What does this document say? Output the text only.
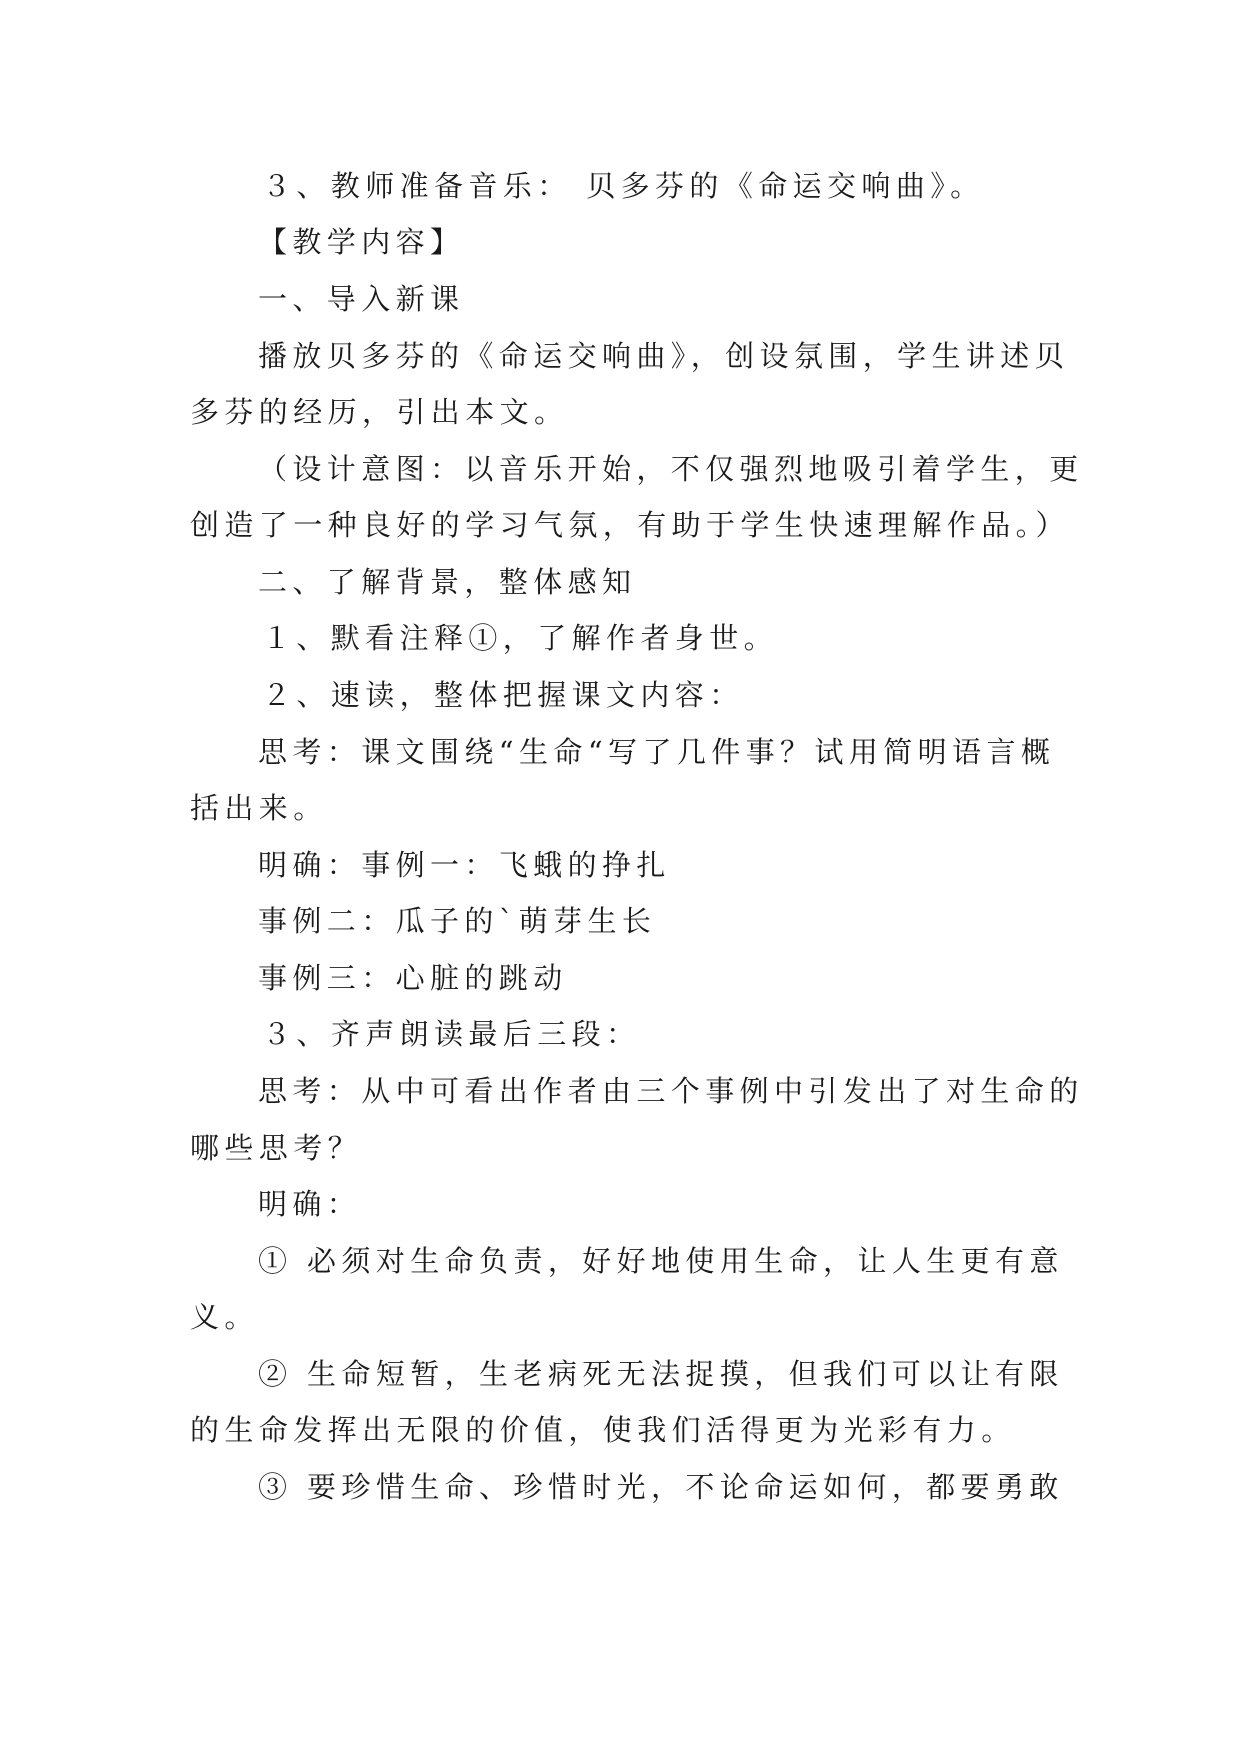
３、教师准备音乐： 贝多芬的《命运交响曲》。
【教学内容】
一、导入新课
播放贝多芬的《命运交响曲》，创设氛围，学生讲述贝
多芬的经历，引出本文。
（设计意图：以音乐开始，不仅强烈地吸引着学生，更
创造了一种良好的学习气氛，有助于学生快速理解作品。）
二、了解背景，整体感知
１、默看注释①，了解作者身世。
２、速读，整体把握课文内容：
思考：课文围绕“生命“写了几件事？试用简明语言概
括出来。
明确：事例一：飞蛾的挣扎
事例二：瓜子的`萌芽生长
事例三：心脏的跳动
３、齐声朗读最后三段：
思考：从中可看出作者由三个事例中引发出了对生命的
哪些思考？
明确：
① 必须对生命负责，好好地使用生命，让人生更有意
义。
② 生命短暂，生老病死无法捉摸，但我们可以让有限
的生命发挥出无限的价值，使我们活得更为光彩有力。
③ 要珍惜生命、珍惜时光，不论命运如何，都要勇敢
